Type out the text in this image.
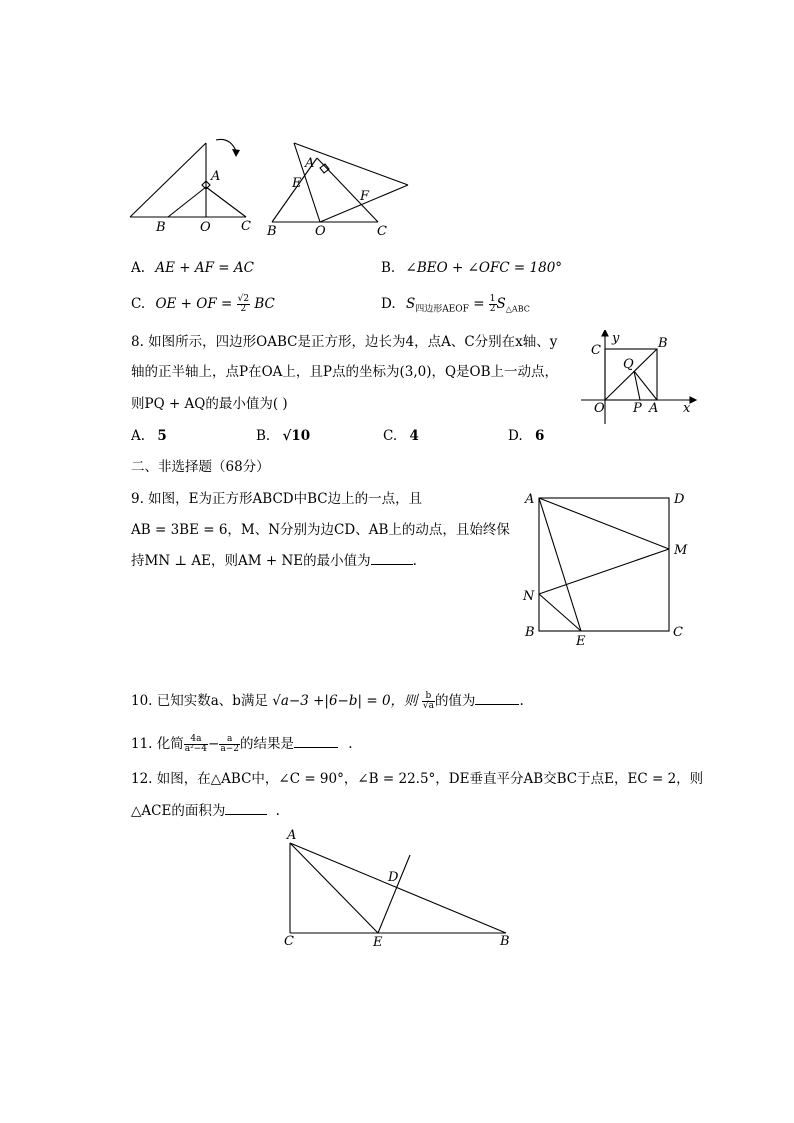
A
B	O C
A
E
F
B	O	C
A. AE + AF = AC	B. ∠BEO + ∠OFC = 180°
C. OE + OF = $\frac{√2}{2}$ BC	D. $S_{四边形AEOF} = \frac{1}{2} S_{\triangle ABC}$
8. 如图所示，四边形OABC是正方形，边长为4，点A、C分别在x轴、y
轴的正半轴上，点P在OA上，且P点的坐标为(3,0)，Q是OB上一动点，
则PQ + AQ的最小值为( )
A. 5	B. √10	C. 4	D. 6
y
C	B
Q
O P A x
二、非选择题（68分）
9. 如图，E为正方形ABCD中BC边上的一点，且
AB = 3BE = 6，M、N分别为边CD、AB上的动点，且始终保
持MN ⊥ AE，则AM + NE的最小值为	.
A	D
M
N
B
E
C
10. 已知实数a、b满足 √a−3 +|6−b| = 0，则 $\frac{b}{√a}$ 的值为	.
11. 化简 $\frac{4a}{\text{a²−4}} - \frac{a}{a-2}$ 的结果是	.
12. 如图，在△ABC中，∠C = 90°，∠B = 22.5°，DE垂直平分AB交BC于点E，EC = 2，则
△ACE的面积为	.
A
D
C	E	B
